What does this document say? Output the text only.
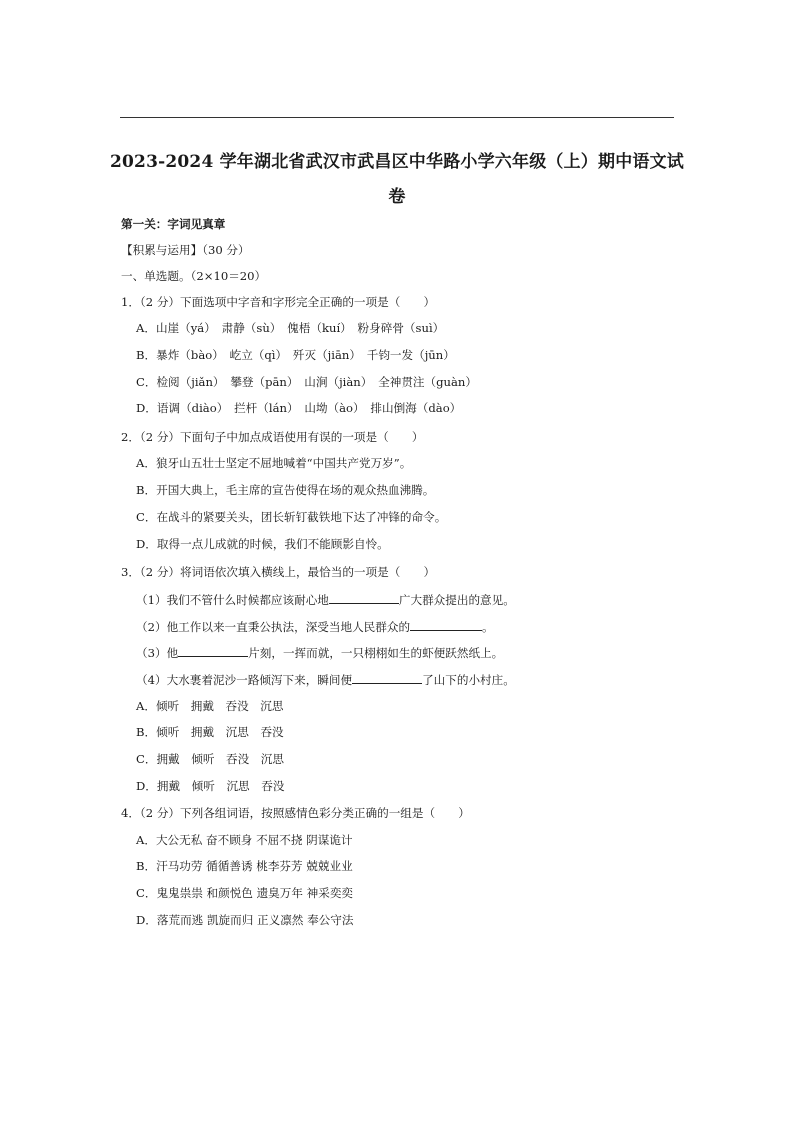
2023-2024 学年湖北省武汉市武昌区中华路小学六年级（上）期中语文试
卷
第一关：字词见真章
【积累与运用】（30 分）
一、单选题。（2×10＝20）
1．（2 分）下面选项中字音和字形完全正确的一项是（　　）
A．山崖（yá）　肃静（sù）　傀梧（kuí）　粉身碎骨（suì）
B．暴炸（bào）　屹立（qì）　歼灭（jiān）　千钧一发（jūn）
C．检阅（jiǎn）　攀登（pān）　山涧（jiàn）　全神贯注（guàn）
D．语调（diào）　拦杆（lán）　山坳（ào）　排山倒海（dào）
2．（2 分）下面句子中加点成语使用有误的一项是（　　）
A．狼牙山五壮士坚定不屈地喊着“中国共产党万岁”。
B．开国大典上，毛主席的宣告使得在场的观众热血沸腾。
C．在战斗的紧要关头，团长斩钉截铁地下达了冲锋的命令。
D．取得一点儿成就的时候，我们不能顾影自怜。
3．（2 分）将词语依次填入横线上，最恰当的一项是（　　）
（1）我们不管什么时候都应该耐心地	广大群众提出的意见。
（2）他工作以来一直秉公执法，深受当地人民群众的	。
（3）他	片刻，一挥而就，一只栩栩如生的虾便跃然纸上。
（4）大水裹着泥沙一路倾泻下来，瞬间便	了山下的小村庄。
A．倾听　拥戴　吞没　沉思
B．倾听　拥戴　沉思　吞没
C．拥戴　倾听　吞没　沉思
D．拥戴　倾听　沉思　吞没
4．（2 分）下列各组词语，按照感情色彩分类正确的一组是（　　）
A．大公无私 奋不顾身 不屈不挠 阴谋诡计
B．汗马功劳 循循善诱 桃李芬芳 兢兢业业
C．鬼鬼祟祟 和颜悦色 遗臭万年 神采奕奕
D．落荒而逃 凯旋而归 正义凛然 奉公守法
